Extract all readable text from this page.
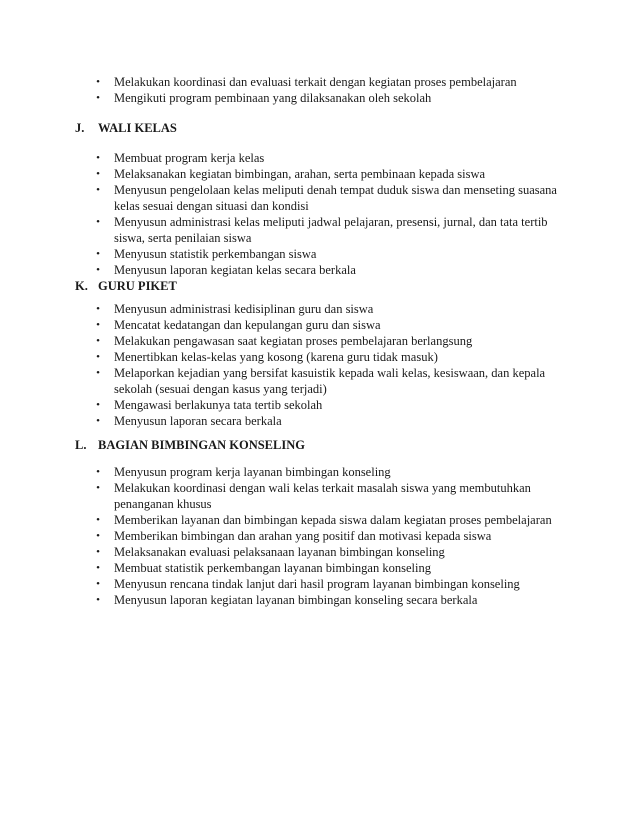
•	Melakukan koordinasi dan evaluasi terkait dengan kegiatan proses pembelajaran
•	Mengikuti program pembinaan yang dilaksanakan oleh sekolah
J. WALI KELAS
•	Membuat program kerja kelas
•	Melaksanakan kegiatan bimbingan, arahan, serta pembinaan kepada siswa
•	Menyusun pengelolaan kelas meliputi denah tempat duduk siswa dan menseting suasana kelas sesuai dengan situasi dan kondisi
•	Menyusun administrasi kelas meliputi jadwal pelajaran, presensi, jurnal, dan tata tertib siswa, serta penilaian siswa
•	Menyusun statistik perkembangan siswa
•	Menyusun laporan kegiatan kelas secara berkala
K. GURU PIKET
•	Menyusun administrasi kedisiplinan guru dan siswa
•	Mencatat kedatangan dan kepulangan guru dan siswa
•	Melakukan pengawasan saat kegiatan proses pembelajaran berlangsung
•	Menertibkan kelas-kelas yang kosong (karena guru tidak masuk)
•	Melaporkan kejadian yang bersifat kasuistik kepada wali kelas, kesiswaan, dan kepala sekolah (sesuai dengan kasus yang terjadi)
•	Mengawasi berlakunya tata tertib sekolah
•	Menyusun laporan secara berkala
L. BAGIAN BIMBINGAN KONSELING
•	Menyusun program kerja layanan bimbingan konseling
•	Melakukan koordinasi dengan wali kelas terkait masalah siswa yang membutuhkan penanganan khusus
•	Memberikan layanan dan bimbingan kepada siswa dalam kegiatan proses pembelajaran
•	Memberikan bimbingan dan arahan yang positif dan motivasi kepada siswa
•	Melaksanakan evaluasi pelaksanaan layanan bimbingan konseling
•	Membuat statistik perkembangan layanan bimbingan konseling
•	Menyusun rencana tindak lanjut dari hasil program layanan bimbingan konseling
•	Menyusun laporan kegiatan layanan bimbingan konseling secara berkala
